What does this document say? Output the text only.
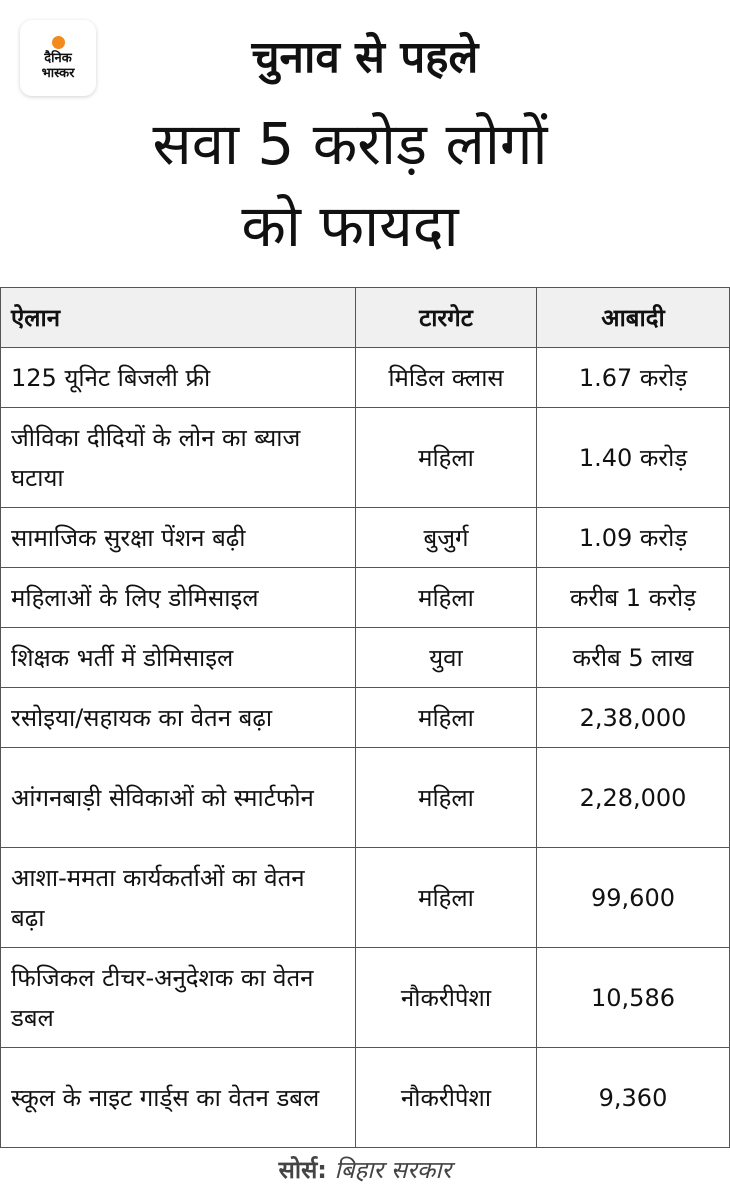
दैनिक
भास्कर	चुनाव से पहले
सवा 5 करोड़ लोगों
को फायदा
ऐलान	टारगेट	आबादी
125 यूनिट बिजली फ्री	मिडिल क्लास	1.67 करोड़
जीविका दीदियों के लोन का ब्याज घटाया	महिला	1.40 करोड़
सामाजिक सुरक्षा पेंशन बढ़ी	बुजुर्ग	1.09 करोड़
महिलाओं के लिए डोमिसाइल	महिला	करीब 1 करोड़
शिक्षक भर्ती में डोमिसाइल	युवा	करीब 5 लाख
रसोइया/सहायक का वेतन बढ़ा	महिला	2,38,000
आंगनबाड़ी सेविकाओं को स्मार्टफोन	महिला	2,28,000
आशा-ममता कार्यकर्ताओं का वेतन बढ़ा	महिला	99,600
फिजिकल टीचर-अनुदेशक का वेतन डबल	नौकरीपेशा	10,586
स्कूल के नाइट गार्ड्स का वेतन डबल	नौकरीपेशा	9,360
सोर्स: बिहार सरकार
